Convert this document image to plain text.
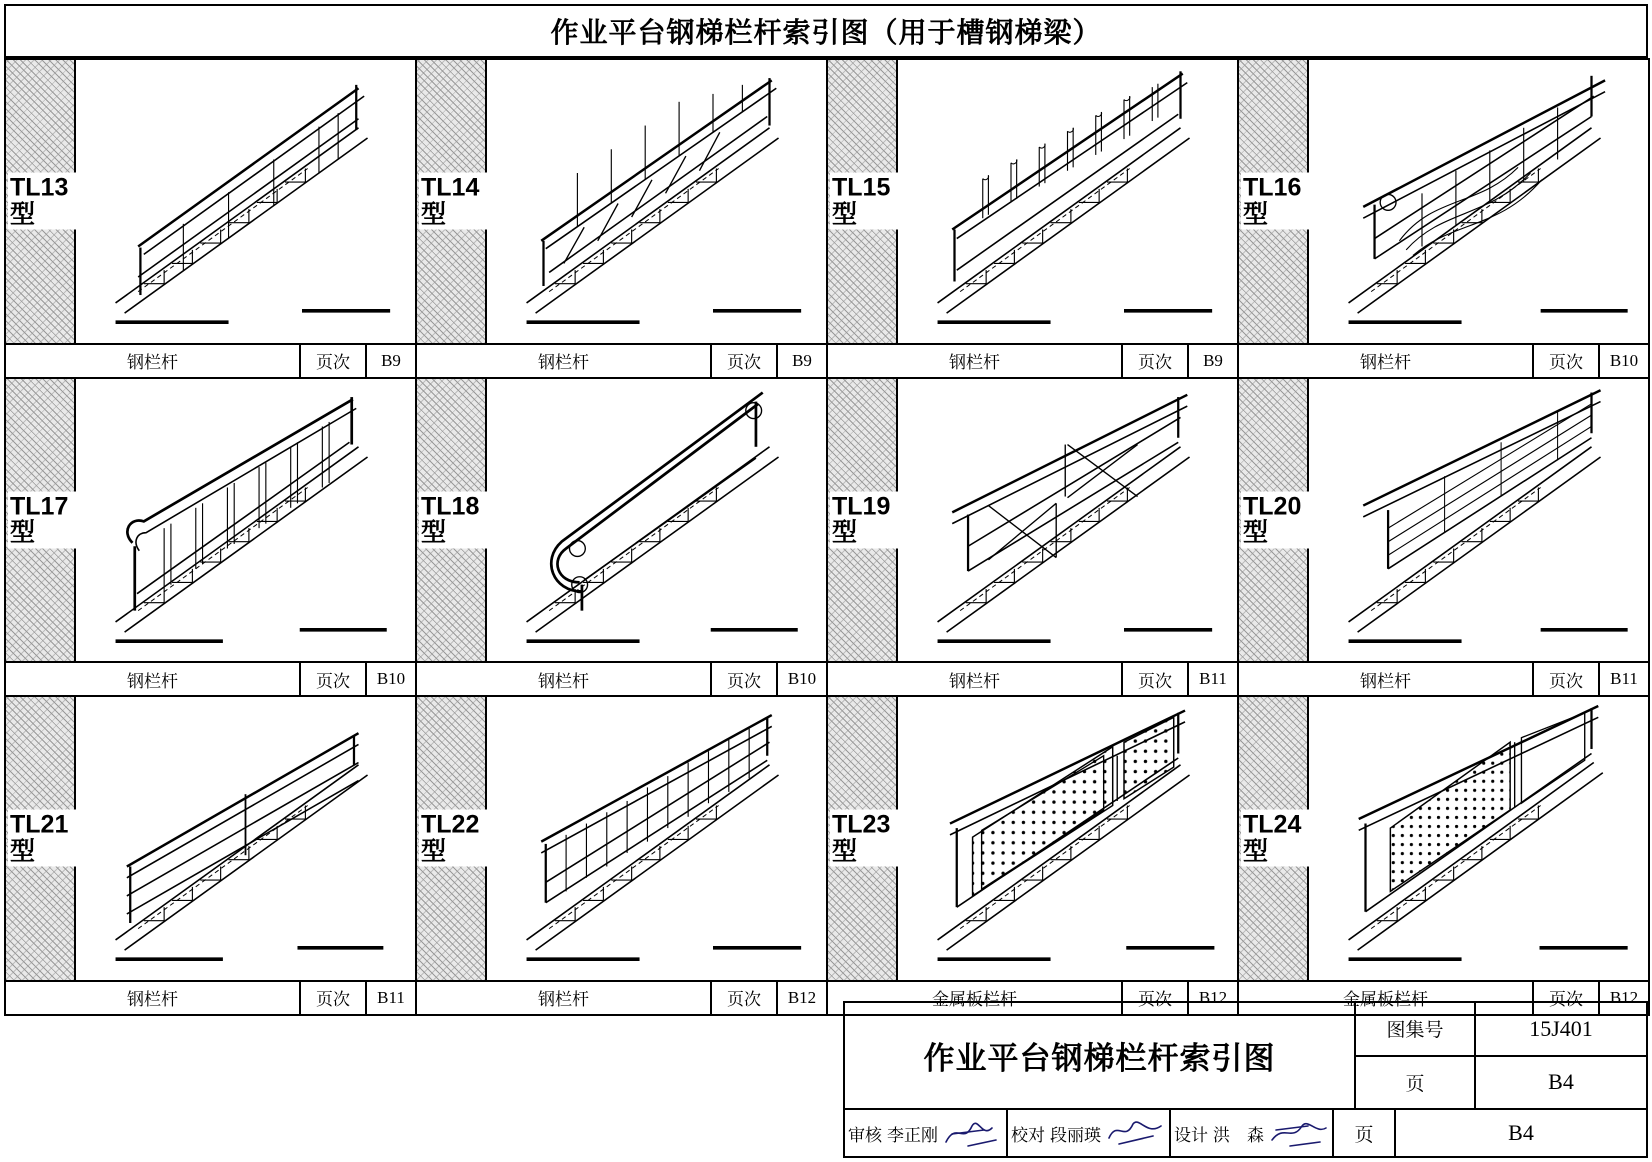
作业平台钢梯栏杆索引图（用于槽钢梯梁）
TL13
型
钢栏杆	页次	B9
TL14
型
钢栏杆	页次	B9
TL15
型
钢栏杆	页次	B9
TL16
型
钢栏杆	页次	B10
TL17
型
钢栏杆	页次	B10
TL18
型
钢栏杆	页次	B10
TL19
型
钢栏杆	页次	B11
TL20
型
钢栏杆	页次	B11
TL21
型
钢栏杆	页次	B11
TL22
型
钢栏杆	页次	B12
TL23
型
金属板栏杆	页次	B12
TL24
型
金属板栏杆	页次	B12
作业平台钢梯栏杆索引图
图集号	15J401
页	B4
审核 李正刚	校对 段丽瑛	设计 洪　森	页	B4
